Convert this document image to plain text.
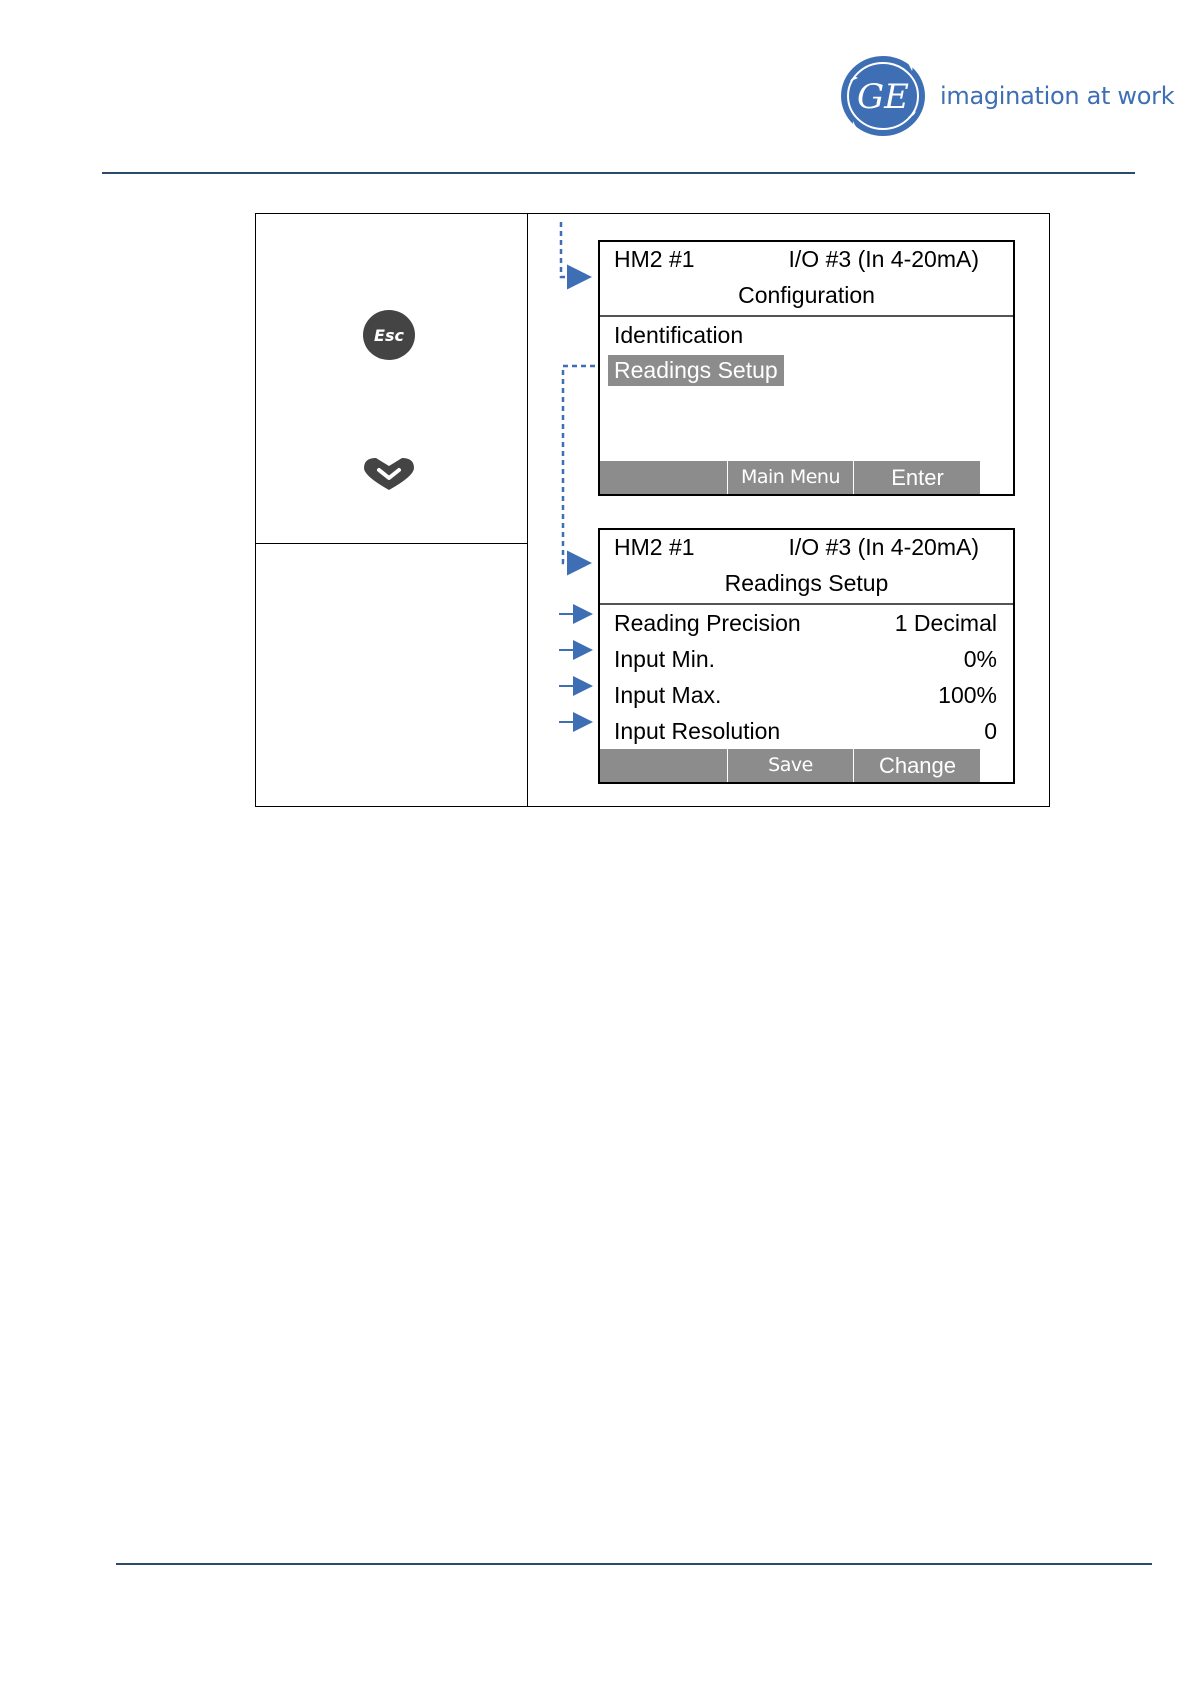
GE imagination at work
Esc
HM2 #1	I/O #3 (In 4-20mA)
Configuration
Identification
Readings Setup
Main Menu	Enter
HM2 #1	I/O #3 (In 4-20mA)
Readings Setup
Reading Precision	1 Decimal
Input Min.	0%
Input Max.	100%
Input Resolution	0
Save	Change
